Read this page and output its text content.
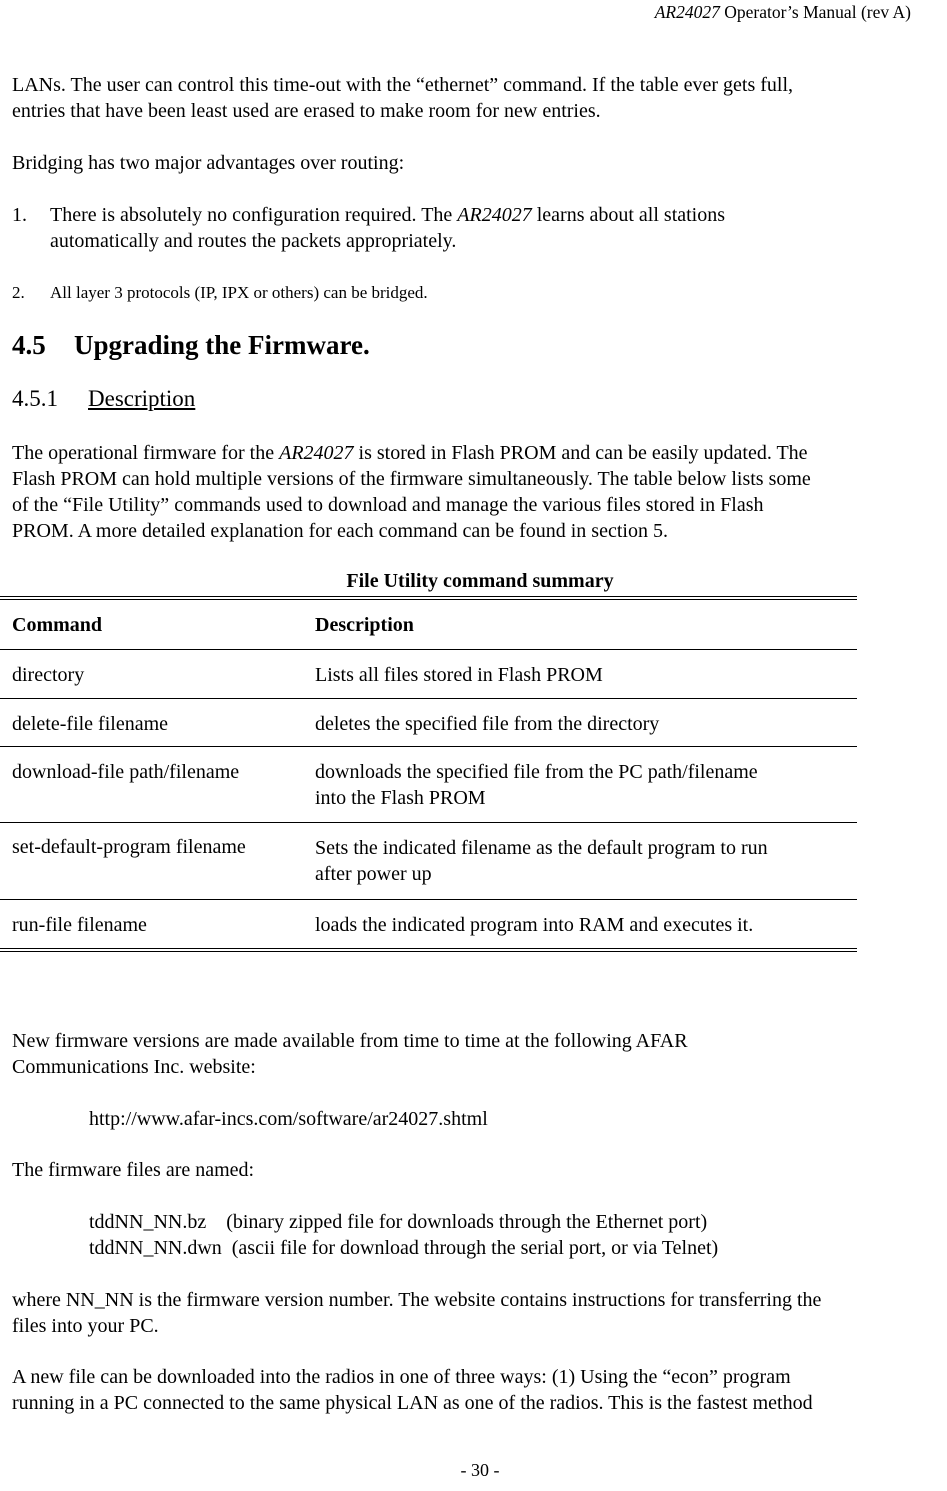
AR24027 Operator’s Manual (rev A)

LANs. The user can control this time-out with the “ethernet” command. If the table ever gets full,

entries that have been least used are erased to make room for new entries.

Bridging has two major advantages over routing:

1. There is absolutely no configuration required. The AR24027 learns about all stations

automatically and routes the packets appropriately.

2. All layer 3 protocols (IP, IPX or others) can be bridged.

4.5 Upgrading the Firmware.
4.5.1 Description

The operational firmware for the AR24027 is stored in Flash PROM and can be easily updated. The

Flash PROM can hold multiple versions of the firmware simultaneously. The table below lists some

of the “File Utility” commands used to download and manage the various files stored in Flash

PROM. A more detailed explanation for each command can be found in section 5.

File Utility command summary
Command	Description
directory	Lists all files stored in Flash PROM
delete-file filename	deletes the specified file from the directory
download-file path/filename	downloads the specified file from the PC path/filename
into the Flash PROM
set-default-program filename	Sets the indicated filename as the default program to run
after power up
run-file filename	loads the indicated program into RAM and executes it.

New firmware versions are made available from time to time at the following AFAR

Communications Inc. website:

http://www.afar-incs.com/software/ar24027.shtml

The firmware files are named:

tddNN_NN.bz    (binary zipped file for downloads through the Ethernet port)

tddNN_NN.dwn  (ascii file for download through the serial port, or via Telnet)

where NN_NN is the firmware version number. The website contains instructions for transferring the

files into your PC.

A new file can be downloaded into the radios in one of three ways: (1) Using the “econ” program

running in a PC connected to the same physical LAN as one of the radios. This is the fastest method

- 30 -
